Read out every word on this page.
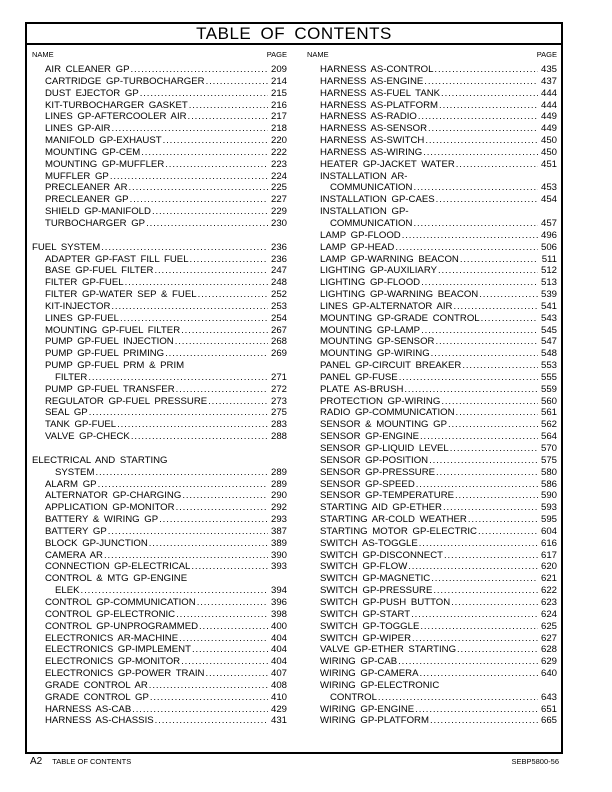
TABLE OF CONTENTS
NAME	PAGE
AIR CLEANER GP . . .	209
CARTRIDGE GP-TURBOCHARGER . . .	214
DUST EJECTOR GP . . .	215
KIT-TURBOCHARGER GASKET . . .	216
LINES GP-AFTERCOOLER AIR . . .	217
LINES GP-AIR . . .	218
MANIFOLD GP-EXHAUST . . .	220
MOUNTING GP-CEM . . .	222
MOUNTING GP-MUFFLER . . .	223
MUFFLER GP . . .	224
PRECLEANER AR . . .	225
PRECLEANER GP . . .	227
SHIELD GP-MANIFOLD . . .	229
TURBOCHARGER GP . . .	230
FUEL SYSTEM . . .	236
ADAPTER GP-FAST FILL FUEL . . .	236
BASE GP-FUEL FILTER . . .	247
FILTER GP-FUEL . . .	248
FILTER GP-WATER SEP & FUEL . . .	252
KIT-INJECTOR . . .	253
LINES GP-FUEL . . .	254
MOUNTING GP-FUEL FILTER . . .	267
PUMP GP-FUEL INJECTION . . .	268
PUMP GP-FUEL PRIMING . . .	269
PUMP GP-FUEL PRM & PRIM
FILTER . . .	271
PUMP GP-FUEL TRANSFER . . .	272
REGULATOR GP-FUEL PRESSURE . . .	273
SEAL GP . . .	275
TANK GP-FUEL . . .	283
VALVE GP-CHECK . . .	288
ELECTRICAL AND STARTING
SYSTEM . . .	289
ALARM GP . . .	289
ALTERNATOR GP-CHARGING . . .	290
APPLICATION GP-MONITOR . . .	292
BATTERY & WIRING GP . . .	293
BATTERY GP . . .	387
BLOCK GP-JUNCTION . . .	389
CAMERA AR . . .	390
CONNECTION GP-ELECTRICAL . . .	393
CONTROL & MTG GP-ENGINE
ELEK . . .	394
CONTROL GP-COMMUNICATION . . .	396
CONTROL GP-ELECTRONIC . . .	398
CONTROL GP-UNPROGRAMMED . . .	400
ELECTRONICS AR-MACHINE . . .	404
ELECTRONICS GP-IMPLEMENT . . .	404
ELECTRONICS GP-MONITOR . . .	404
ELECTRONICS GP-POWER TRAIN . . .	407
GRADE CONTROL AR . . .	408
GRADE CONTROL GP . . .	410
HARNESS AS-CAB . . .	429
HARNESS AS-CHASSIS . . .	431
NAME	PAGE
HARNESS AS-CONTROL . . .	435
HARNESS AS-ENGINE . . .	437
HARNESS AS-FUEL TANK . . .	444
HARNESS AS-PLATFORM . . .	444
HARNESS AS-RADIO . . .	449
HARNESS AS-SENSOR . . .	449
HARNESS AS-SWITCH . . .	450
HARNESS AS-WIRING . . .	450
HEATER GP-JACKET WATER . . .	451
INSTALLATION AR-
COMMUNICATION . . .	453
INSTALLATION GP-CAES . . .	454
INSTALLATION GP-
COMMUNICATION . . .	457
LAMP GP-FLOOD . . .	496
LAMP GP-HEAD . . .	506
LAMP GP-WARNING BEACON . . .	511
LIGHTING GP-AUXILIARY . . .	512
LIGHTING GP-FLOOD . . .	513
LIGHTING GP-WARNING BEACON . . .	539
LINES GP-ALTERNATOR AIR . . .	541
MOUNTING GP-GRADE CONTROL . . .	543
MOUNTING GP-LAMP . . .	545
MOUNTING GP-SENSOR . . .	547
MOUNTING GP-WIRING . . .	548
PANEL GP-CIRCUIT BREAKER . . .	553
PANEL GP-FUSE . . .	555
PLATE AS-BRUSH . . .	559
PROTECTION GP-WIRING . . .	560
RADIO GP-COMMUNICATION . . .	561
SENSOR & MOUNTING GP . . .	562
SENSOR GP-ENGINE . . .	564
SENSOR GP-LIQUID LEVEL . . .	570
SENSOR GP-POSITION . . .	575
SENSOR GP-PRESSURE . . .	580
SENSOR GP-SPEED . . .	586
SENSOR GP-TEMPERATURE . . .	590
STARTING AID GP-ETHER . . .	593
STARTING AR-COLD WEATHER . . .	595
STARTING MOTOR GP-ELECTRIC . . .	604
SWITCH AS-TOGGLE . . .	616
SWITCH GP-DISCONNECT . . .	617
SWITCH GP-FLOW . . .	620
SWITCH GP-MAGNETIC . . .	621
SWITCH GP-PRESSURE . . .	622
SWITCH GP-PUSH BUTTON . . .	623
SWITCH GP-START . . .	624
SWITCH GP-TOGGLE . . .	625
SWITCH GP-WIPER . . .	627
VALVE GP-ETHER STARTING . . .	628
WIRING GP-CAB . . .	629
WIRING GP-CAMERA . . .	640
WIRING GP-ELECTRONIC
CONTROL . . .	643
WIRING GP-ENGINE . . .	651
WIRING GP-PLATFORM . . .	665
A2 TABLE OF CONTENTS	SEBP5800-56
